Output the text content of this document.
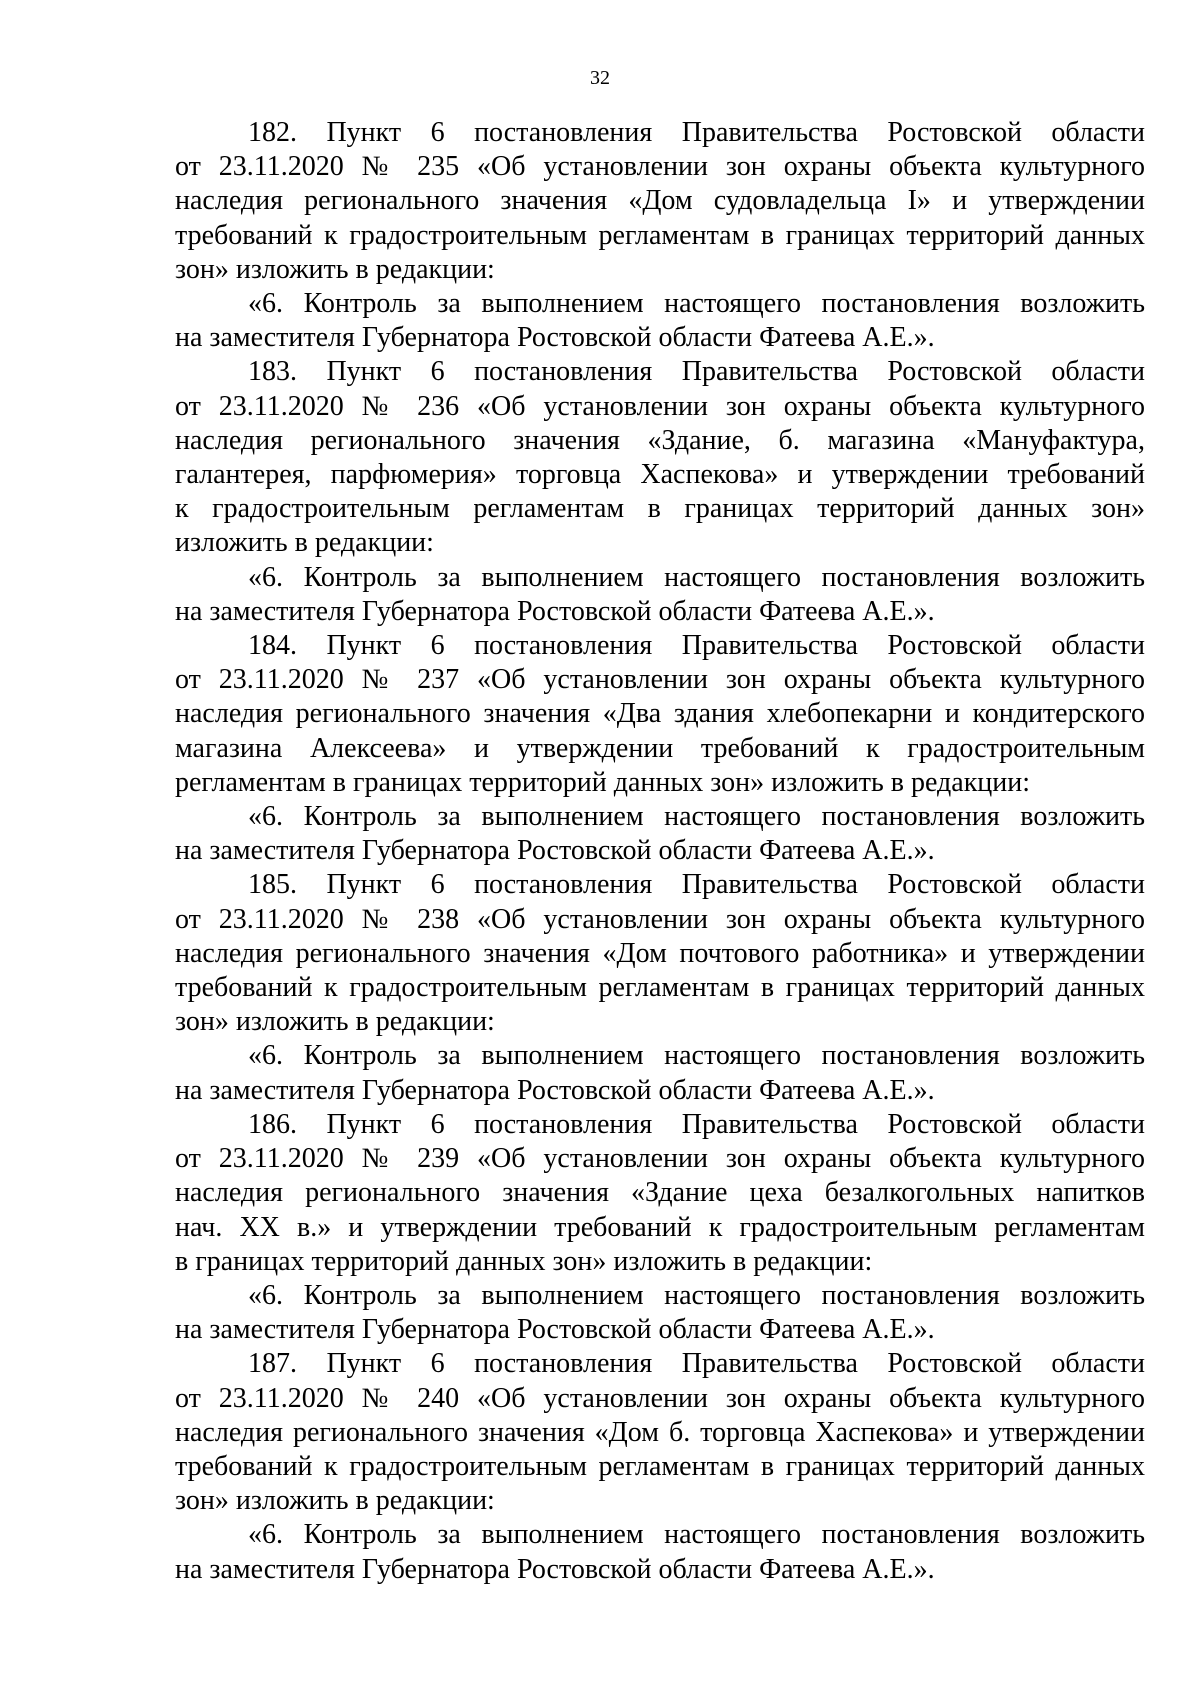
32
182. Пункт 6 постановления Правительства Ростовской области
от 23.11.2020 № 235 «Об установлении зон охраны объекта культурного
наследия регионального значения «Дом судовладельца I» и утверждении
требований к градостроительным регламентам в границах территорий данных
зон» изложить в редакции:
«6. Контроль за выполнением настоящего постановления возложить
на заместителя Губернатора Ростовской области Фатеева А.Е.».
183. Пункт 6 постановления Правительства Ростовской области
от 23.11.2020 № 236 «Об установлении зон охраны объекта культурного
наследия регионального значения «Здание, б. магазина «Мануфактура,
галантерея, парфюмерия» торговца Хаспекова» и утверждении требований
к градостроительным регламентам в границах территорий данных зон»
изложить в редакции:
«6. Контроль за выполнением настоящего постановления возложить
на заместителя Губернатора Ростовской области Фатеева А.Е.».
184. Пункт 6 постановления Правительства Ростовской области
от 23.11.2020 № 237 «Об установлении зон охраны объекта культурного
наследия регионального значения «Два здания хлебопекарни и кондитерского
магазина Алексеева» и утверждении требований к градостроительным
регламентам в границах территорий данных зон» изложить в редакции:
«6. Контроль за выполнением настоящего постановления возложить
на заместителя Губернатора Ростовской области Фатеева А.Е.».
185. Пункт 6 постановления Правительства Ростовской области
от 23.11.2020 № 238 «Об установлении зон охраны объекта культурного
наследия регионального значения «Дом почтового работника» и утверждении
требований к градостроительным регламентам в границах территорий данных
зон» изложить в редакции:
«6. Контроль за выполнением настоящего постановления возложить
на заместителя Губернатора Ростовской области Фатеева А.Е.».
186. Пункт 6 постановления Правительства Ростовской области
от 23.11.2020 № 239 «Об установлении зон охраны объекта культурного
наследия регионального значения «Здание цеха безалкогольных напитков
нач. XX в.» и утверждении требований к градостроительным регламентам
в границах территорий данных зон» изложить в редакции:
«6. Контроль за выполнением настоящего постановления возложить
на заместителя Губернатора Ростовской области Фатеева А.Е.».
187. Пункт 6 постановления Правительства Ростовской области
от 23.11.2020 № 240 «Об установлении зон охраны объекта культурного
наследия регионального значения «Дом б. торговца Хаспекова» и утверждении
требований к градостроительным регламентам в границах территорий данных
зон» изложить в редакции:
«6. Контроль за выполнением настоящего постановления возложить
на заместителя Губернатора Ростовской области Фатеева А.Е.».
